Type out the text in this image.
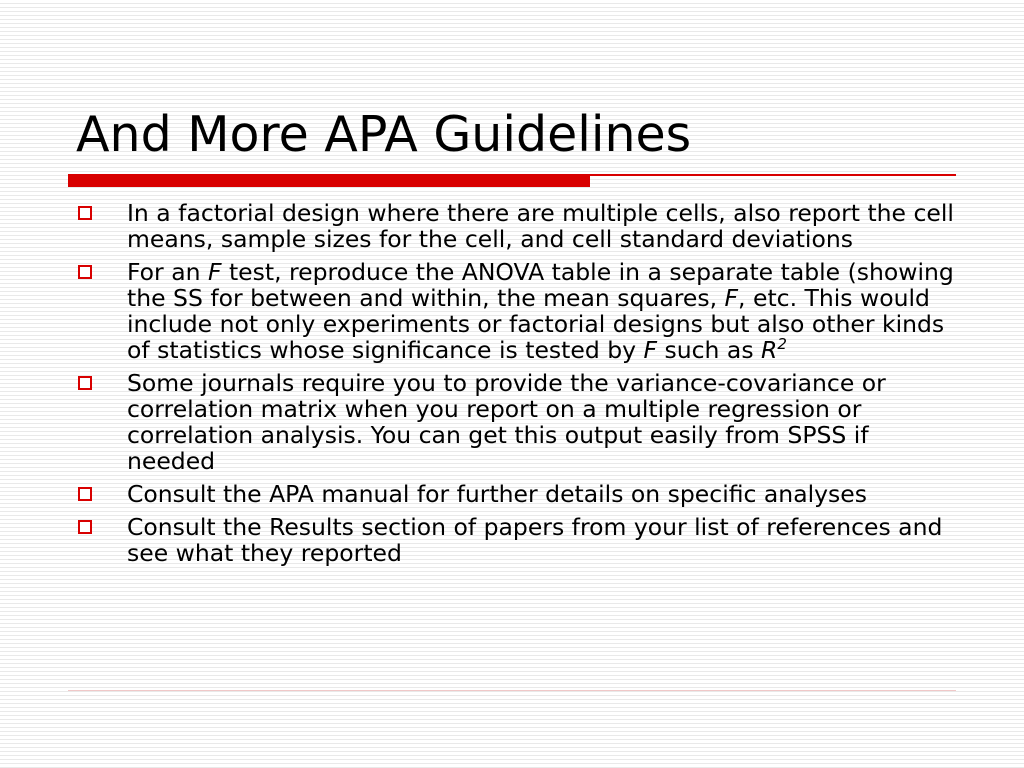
And More APA Guidelines
In a factorial design where there are multiple cells, also report the cell means, sample sizes for the cell, and cell standard deviations
For an F test, reproduce the ANOVA table in a separate table (showing the SS for between and within, the mean squares, F, etc. This would include not only experiments or factorial designs but also other kinds of statistics whose significance is tested by F such as $R^2$
Some journals require you to provide the variance-covariance or correlation matrix when you report on a multiple regression or correlation analysis. You can get this output easily from SPSS if needed
Consult the APA manual for further details on specific analyses
Consult the Results section of papers from your list of references and see what they reported
